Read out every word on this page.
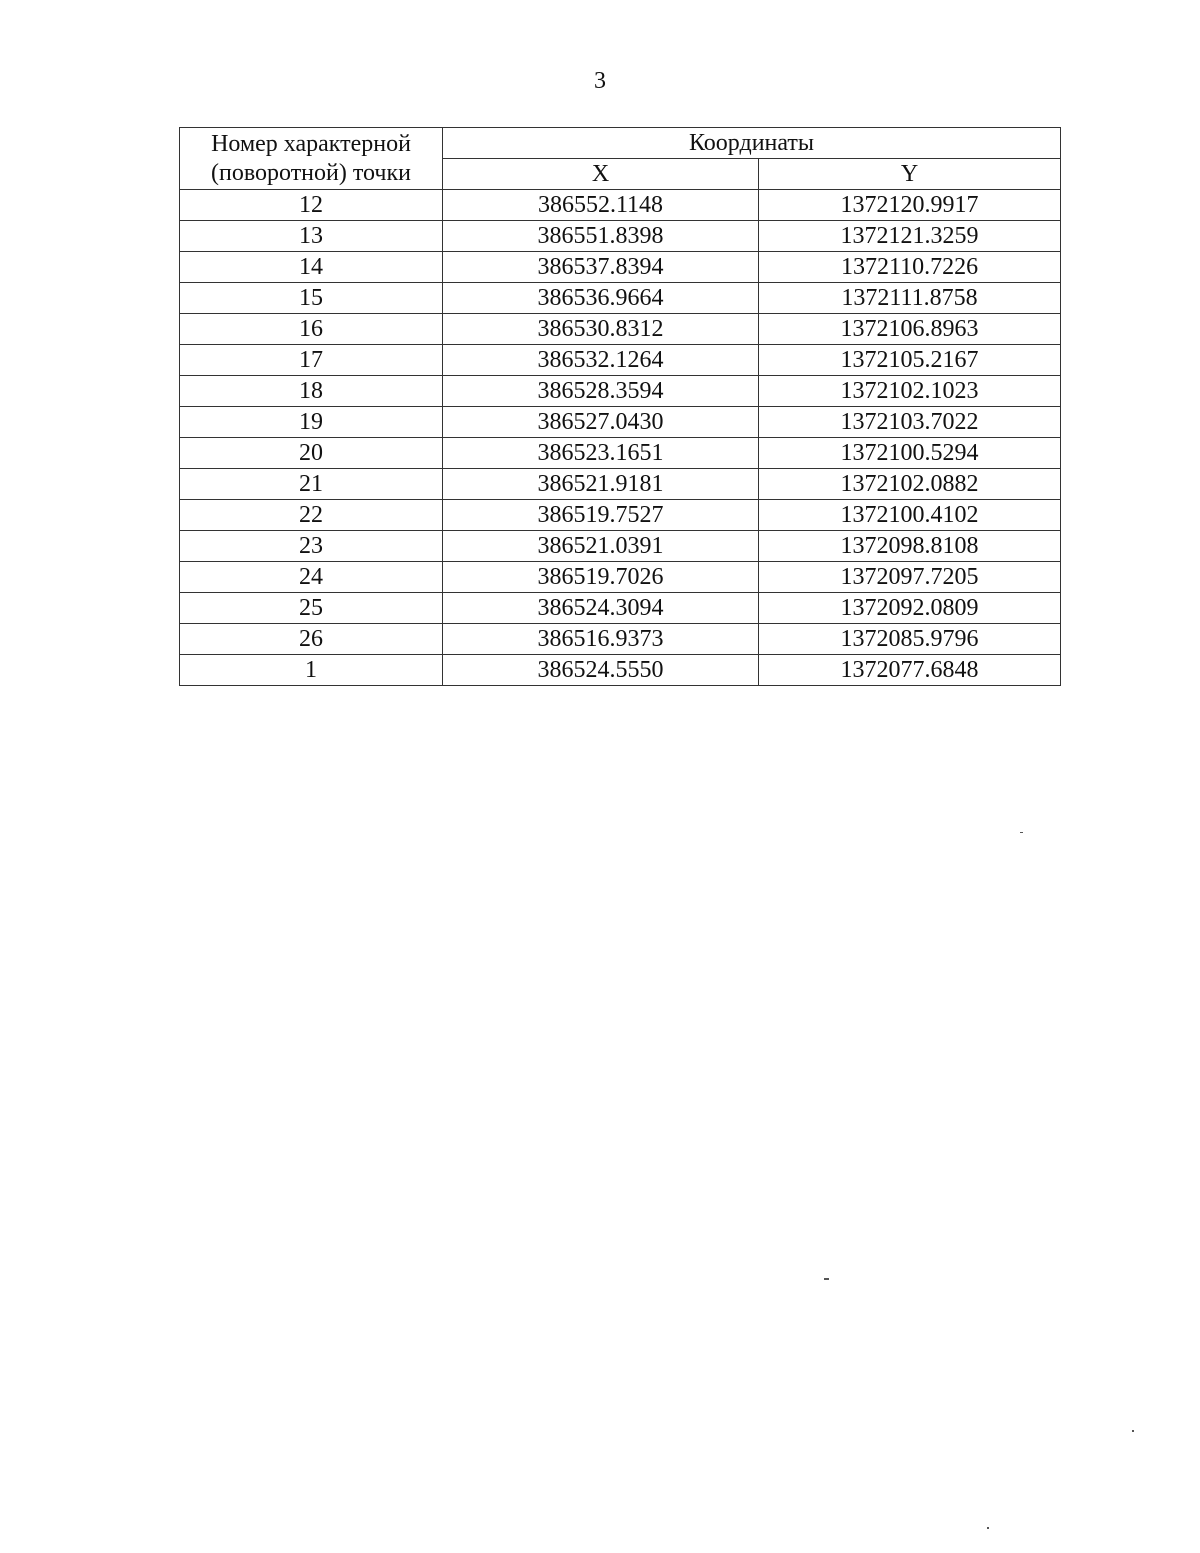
3
Номер характерной
(поворотной) точки	Координаты	
	X	Y
12	386552.1148	1372120.9917
13	386551.8398	1372121.3259
14	386537.8394	1372110.7226
15	386536.9664	1372111.8758
16	386530.8312	1372106.8963
17	386532.1264	1372105.2167
18	386528.3594	1372102.1023
19	386527.0430	1372103.7022
20	386523.1651	1372100.5294
21	386521.9181	1372102.0882
22	386519.7527	1372100.4102
23	386521.0391	1372098.8108
24	386519.7026	1372097.7205
25	386524.3094	1372092.0809
26	386516.9373	1372085.9796
1	386524.5550	1372077.6848
